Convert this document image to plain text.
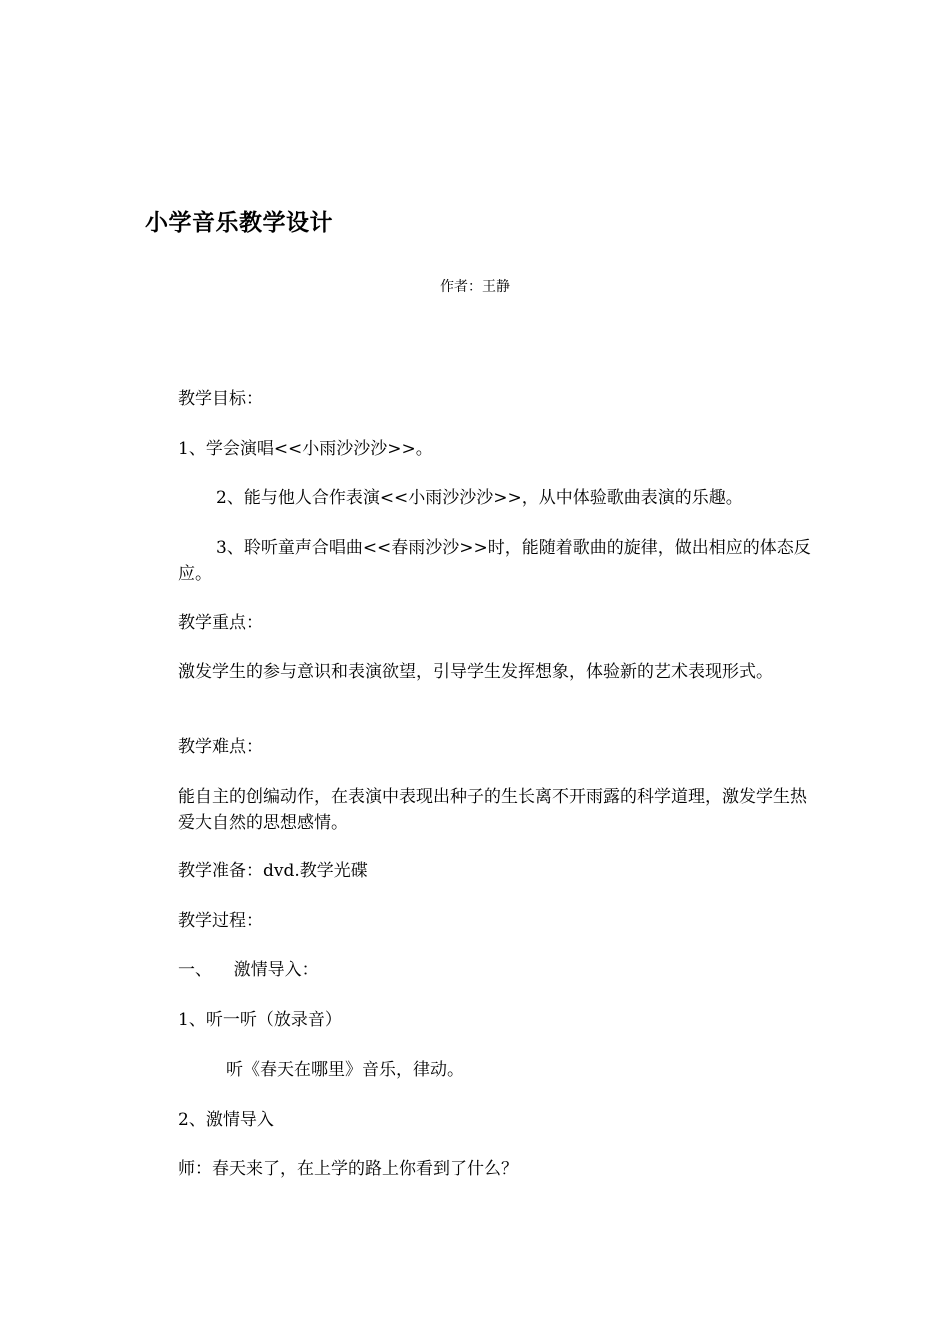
小学音乐教学设计

作者：王静

教学目标：

1、学会演唱<<小雨沙沙沙>>。

2、能与他人合作表演<<小雨沙沙沙>>，从中体验歌曲表演的乐趣。

3、聆听童声合唱曲<<春雨沙沙>>时，能随着歌曲的旋律，做出相应的体态反应。

教学重点：

激发学生的参与意识和表演欲望，引导学生发挥想象，体验新的艺术表现形式。

教学难点：

能自主的创编动作，在表演中表现出种子的生长离不开雨露的科学道理，激发学生热爱大自然的思想感情。

教学准备：dvd.教学光碟

教学过程：

一、    激情导入：

1、听一听（放录音）

听《春天在哪里》音乐，律动。

2、激情导入

师：春天来了，在上学的路上你看到了什么？
